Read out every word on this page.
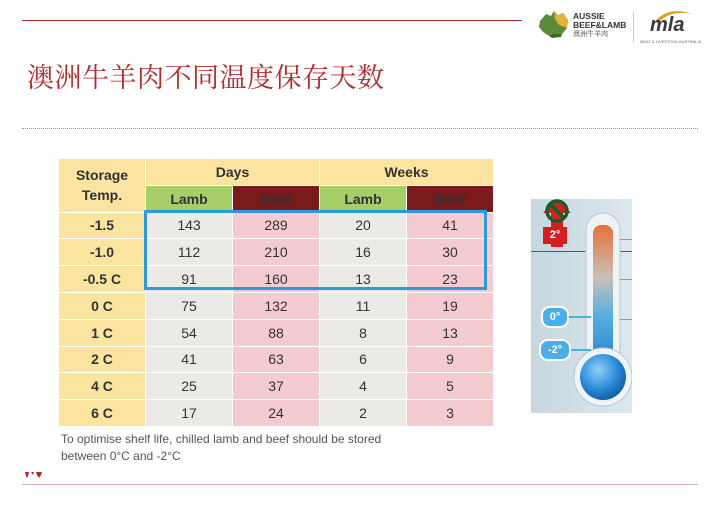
AUSSIE
BEEF&LAMB
澳洲牛羊肉	mla
MEAT & LIVESTOCK AUSTRALIA
澳洲牛羊肉不同温度保存天数
Storage
Temp.	Days		Weeks	
	Lamb	Beef	Lamb	Beef
-1.5	143	289	20	41
-1.0	112	210	16	30
-0.5 C	91	160	13	23
0 C	75	132	11	19
1 C	54	88	8	13
2 C	41	63	6	9
4 C	25	37	4	5
6 C	17	24	2	3
To optimise shelf life, chilled lamb and beef should be stored between 0°C and -2°C
2°
0°
-2°
